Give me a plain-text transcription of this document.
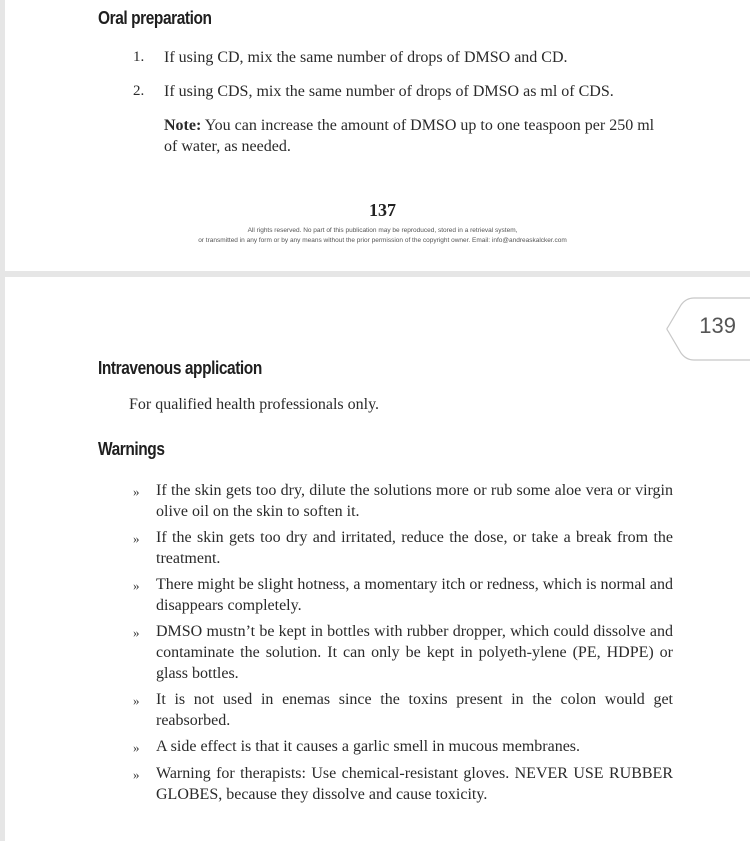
Oral preparation
1.	If using CD, mix the same number of drops of DMSO and CD.
2.	If using CDS, mix the same number of drops of DMSO as ml of CDS.

Note: You can increase the amount of DMSO up to one teaspoon per 250 ml of water, as needed.

137
All rights reserved. No part of this publication may be reproduced, stored in a retrieval system,
or transmitted in any form or by any means without the prior permission of the copyright owner. Email: info@andreaskalcker.com
139
Intravenous application

For qualified health professionals only.

Warnings
»	If the skin gets too dry, dilute the solutions more or rub some aloe vera or virgin olive oil on the skin to soften it.
»	If the skin gets too dry and irritated, reduce the dose, or take a break from the treatment.
»	There might be slight hotness, a momentary itch or redness, which is normal and disappears completely.
»	DMSO mustn’t be kept in bottles with rubber dropper, which could dissolve and contaminate the solution. It can only be kept in polyeth-ylene (PE, HDPE) or glass bottles.
»	It is not used in enemas since the toxins present in the colon would get reabsorbed.
»	A side effect is that it causes a garlic smell in mucous membranes.
»	Warning for therapists: Use chemical-resistant gloves. NEVER USE RUBBER GLOBES, because they dissolve and cause toxicity.
